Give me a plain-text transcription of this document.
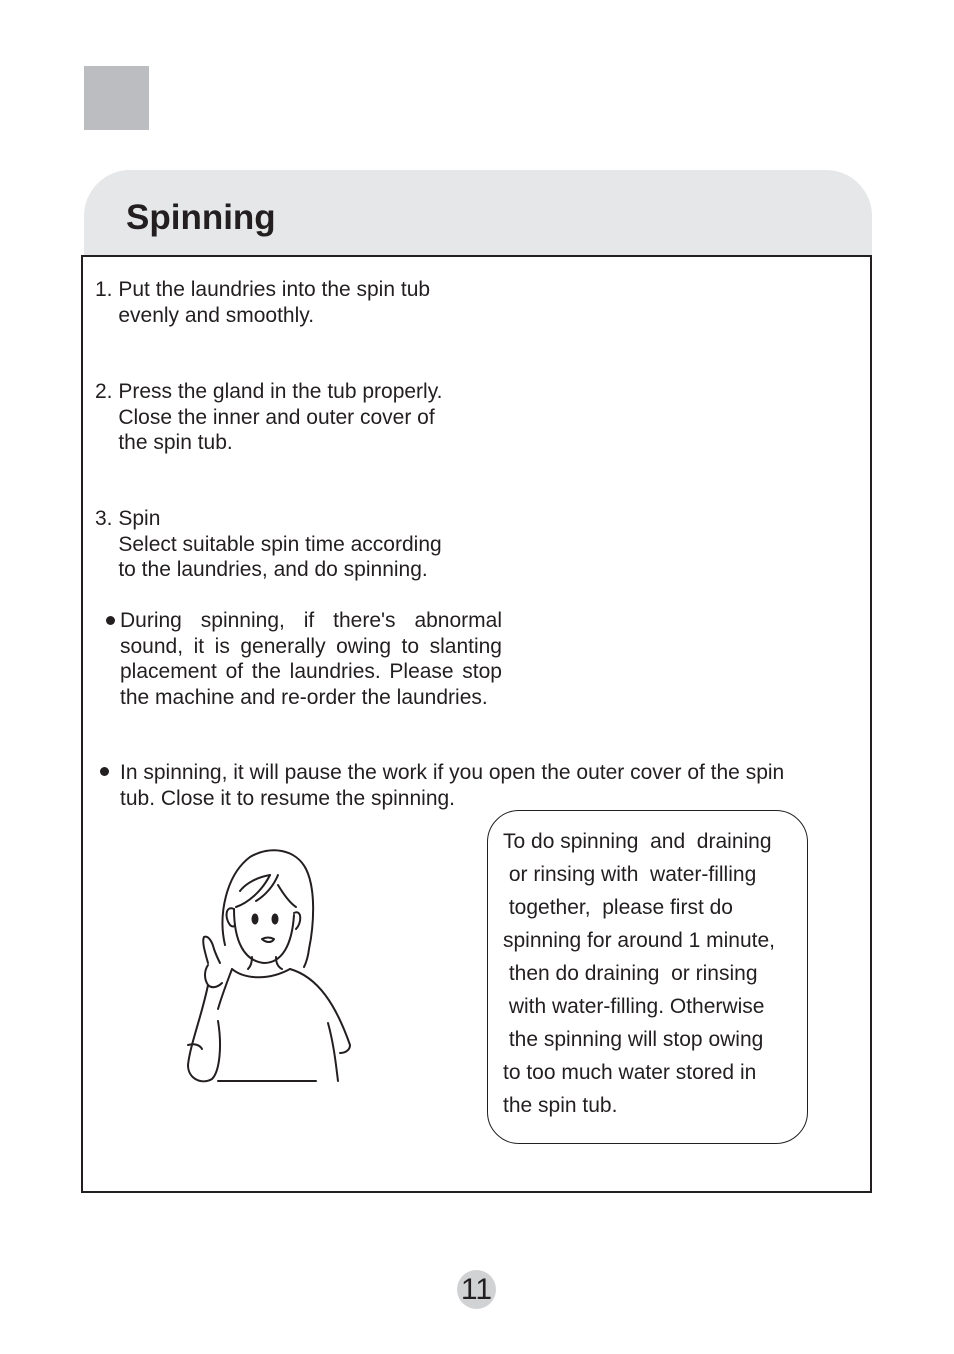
Spinning

1. Put the laundries into the spin tub
evenly and smoothly.

2. Press the gland in the tub properly.
Close the inner and outer cover of
the spin tub.

3. Spin
Select suitable spin time according
to the laundries, and do spinning.

During spinning, if there's abnormal sound, it is generally owing to slanting placement of the laundries. Please stop the machine and re-order the laundries.

In spinning, it will pause the work if you open the outer cover of the spin
tub. Close it to resume the spinning.

To do spinning  and  draining
or rinsing with  water-filling
together,  please first do
spinning for around 1 minute,
then do draining  or rinsing
with water-filling. Otherwise
the spinning will stop owing
to too much water stored in
the spin tub.

11
